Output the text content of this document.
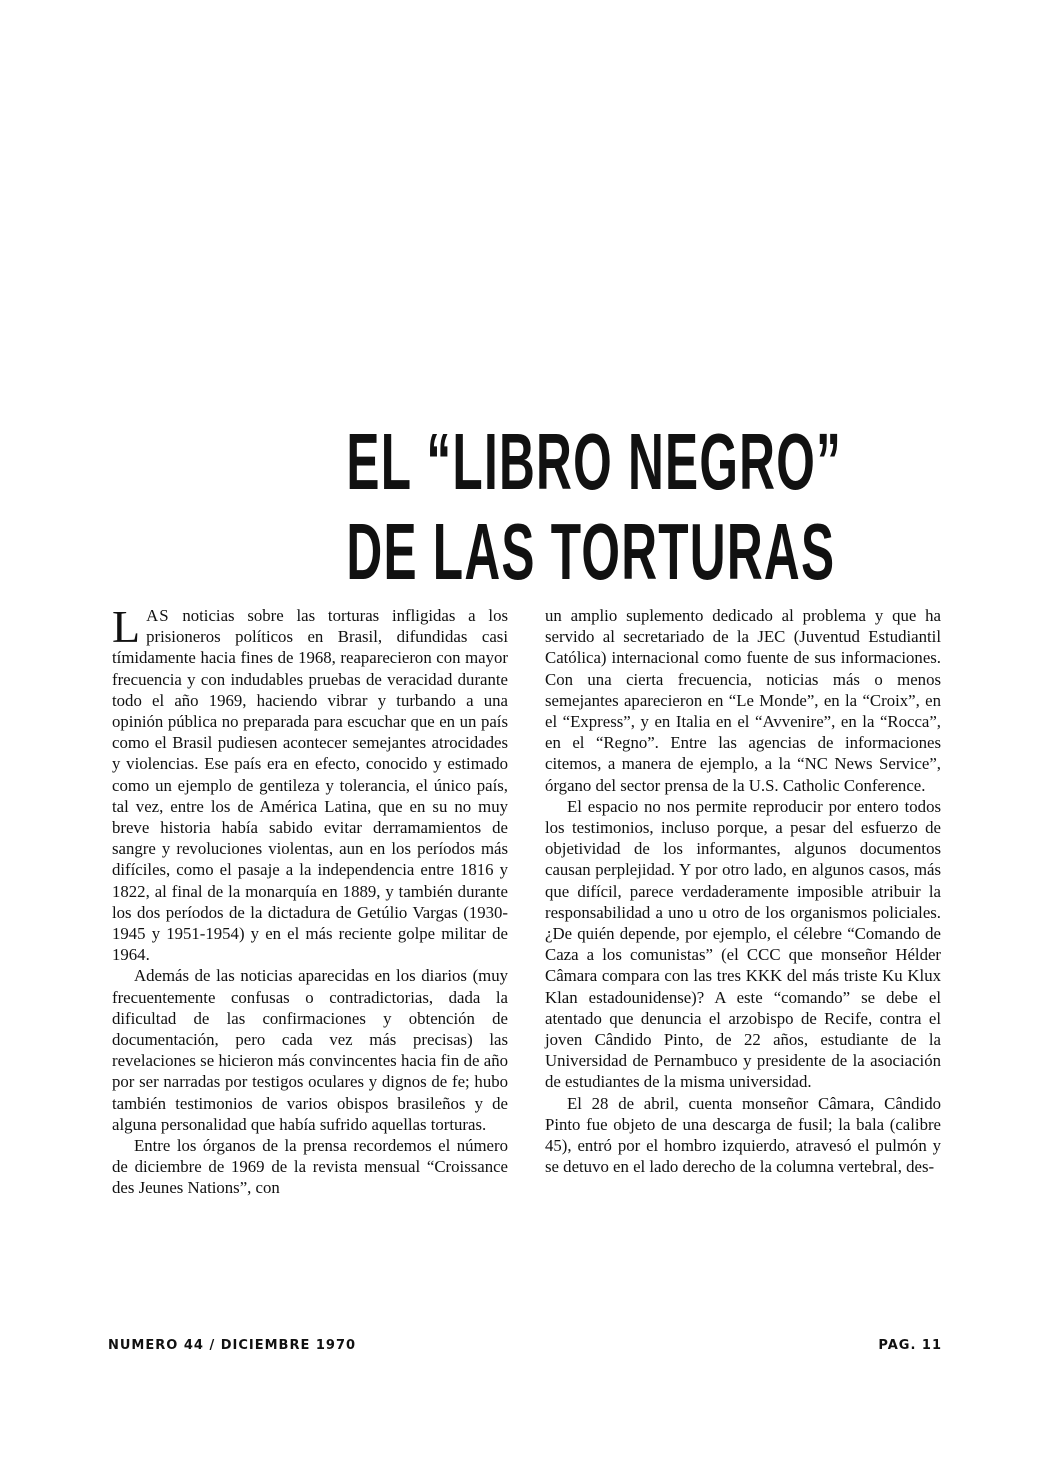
EL “LIBRO NEGRO”
DE LAS TORTURAS

LAS noticias sobre las torturas infligidas a los prisioneros políticos en Brasil, difundidas casi tímidamente hacia fines de 1968, reaparecieron con mayor frecuencia y con indudables pruebas de veracidad durante todo el año 1969, haciendo vibrar y turbando a una opinión pública no preparada para escuchar que en un país como el Brasil pudiesen acontecer semejantes atrocidades y violencias. Ese país era en efecto, conocido y estimado como un ejemplo de gentileza y tolerancia, el único país, tal vez, entre los de América Latina, que en su no muy breve historia había sabido evitar derramamientos de sangre y revoluciones violentas, aun en los períodos más difíciles, como el pasaje a la independencia entre 1816 y 1822, al final de la monarquía en 1889, y también durante los dos períodos de la dictadura de Getúlio Vargas (1930-1945 y 1951-1954) y en el más reciente golpe militar de 1964.

Además de las noticias aparecidas en los diarios (muy frecuentemente confusas o contradictorias, dada la dificultad de las confirmaciones y obtención de documentación, pero cada vez más precisas) las revelaciones se hicieron más convincentes hacia fin de año por ser narradas por testigos oculares y dignos de fe; hubo también testimonios de varios obispos brasileños y de alguna personalidad que había sufrido aquellas torturas.

Entre los órganos de la prensa recordemos el número de diciembre de 1969 de la revista mensual “Croissance des Jeunes Nations”, con

un amplio suplemento dedicado al problema y que ha servido al secretariado de la JEC (Juventud Estudiantil Católica) internacional como fuente de sus informaciones. Con una cierta frecuencia, noticias más o menos semejantes aparecieron en “Le Monde”, en la “Croix”, en el “Express”, y en Italia en el “Avvenire”, en la “Rocca”, en el “Regno”. Entre las agencias de informaciones citemos, a manera de ejemplo, a la “NC News Service”, órgano del sector prensa de la U.S. Catholic Conference.

El espacio no nos permite reproducir por entero todos los testimonios, incluso porque, a pesar del esfuerzo de objetividad de los informantes, algunos documentos causan perplejidad. Y por otro lado, en algunos casos, más que difícil, parece verdaderamente imposible atribuir la responsabilidad a uno u otro de los organismos policiales. ¿De quién depende, por ejemplo, el célebre “Comando de Caza a los comunistas” (el CCC que monseñor Hélder Câmara compara con las tres KKK del más triste Ku Klux Klan estadounidense)? A este “comando” se debe el atentado que denuncia el arzobispo de Recife, contra el joven Cândido Pinto, de 22 años, estudiante de la Universidad de Pernambuco y presidente de la asociación de estudiantes de la misma universidad.

El 28 de abril, cuenta monseñor Câmara, Cândido Pinto fue objeto de una descarga de fusil; la bala (calibre 45), entró por el hombro izquierdo, atravesó el pulmón y se detuvo en el lado derecho de la columna vertebral, des-

NUMERO 44 / DICIEMBRE 1970	PAG. 11
